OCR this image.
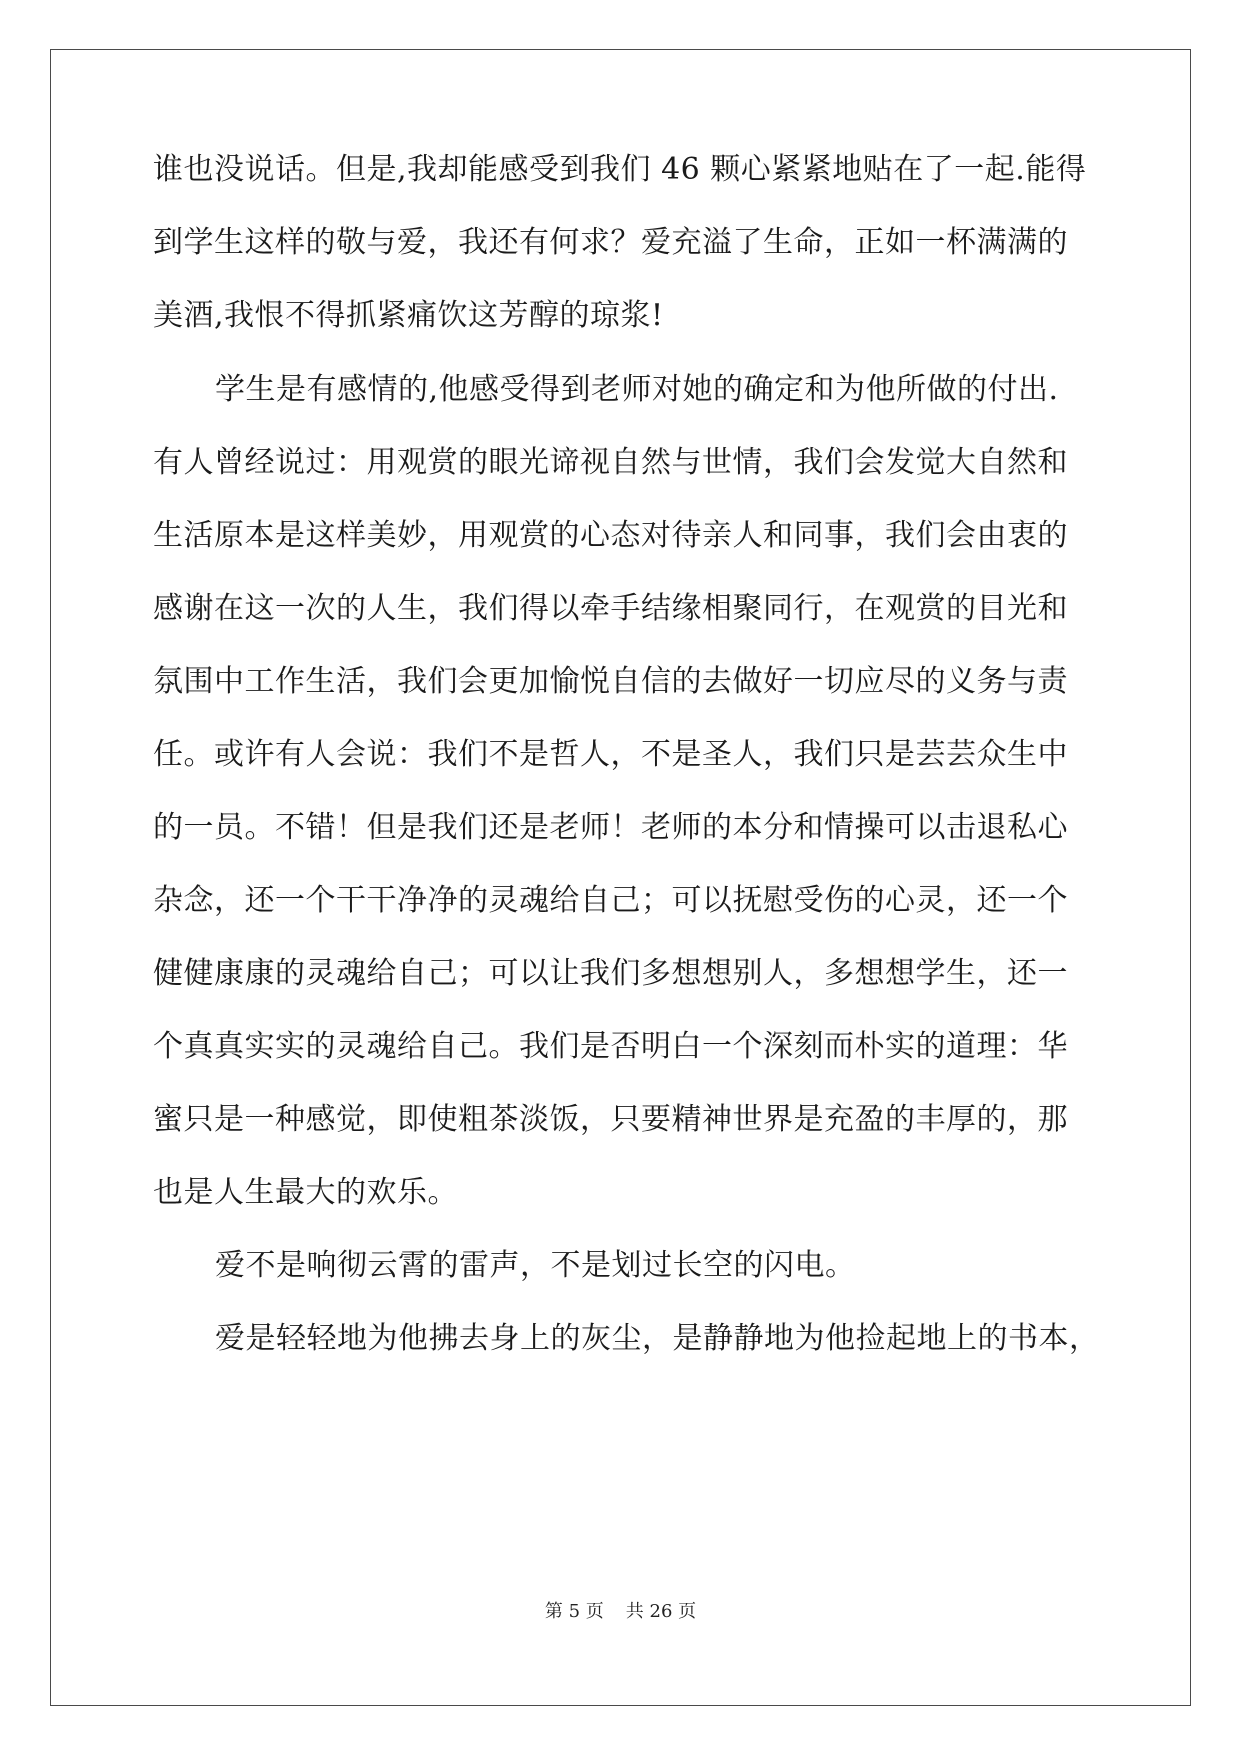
谁也没说话。但是,我却能感受到我们 46 颗心紧紧地贴在了一起.能得
到学生这样的敬与爱，我还有何求？爱充溢了生命，正如一杯满满的
美酒,我恨不得抓紧痛饮这芳醇的琼浆!
学生是有感情的,他感受得到老师对她的确定和为他所做的付出.
有人曾经说过：用观赏的眼光谛视自然与世情，我们会发觉大自然和
生活原本是这样美妙，用观赏的心态对待亲人和同事，我们会由衷的
感谢在这一次的人生，我们得以牵手结缘相聚同行，在观赏的目光和
氛围中工作生活，我们会更加愉悦自信的去做好一切应尽的义务与责
任。或许有人会说：我们不是哲人，不是圣人，我们只是芸芸众生中
的一员。不错！但是我们还是老师！老师的本分和情操可以击退私心
杂念，还一个干干净净的灵魂给自己；可以抚慰受伤的心灵，还一个
健健康康的灵魂给自己；可以让我们多想想别人，多想想学生，还一
个真真实实的灵魂给自己。我们是否明白一个深刻而朴实的道理：华
蜜只是一种感觉，即使粗茶淡饭，只要精神世界是充盈的丰厚的，那
也是人生最大的欢乐。
爱不是响彻云霄的雷声，不是划过长空的闪电。
爱是轻轻地为他拂去身上的灰尘，是静静地为他捡起地上的书本，
第 5 页 共 26 页
